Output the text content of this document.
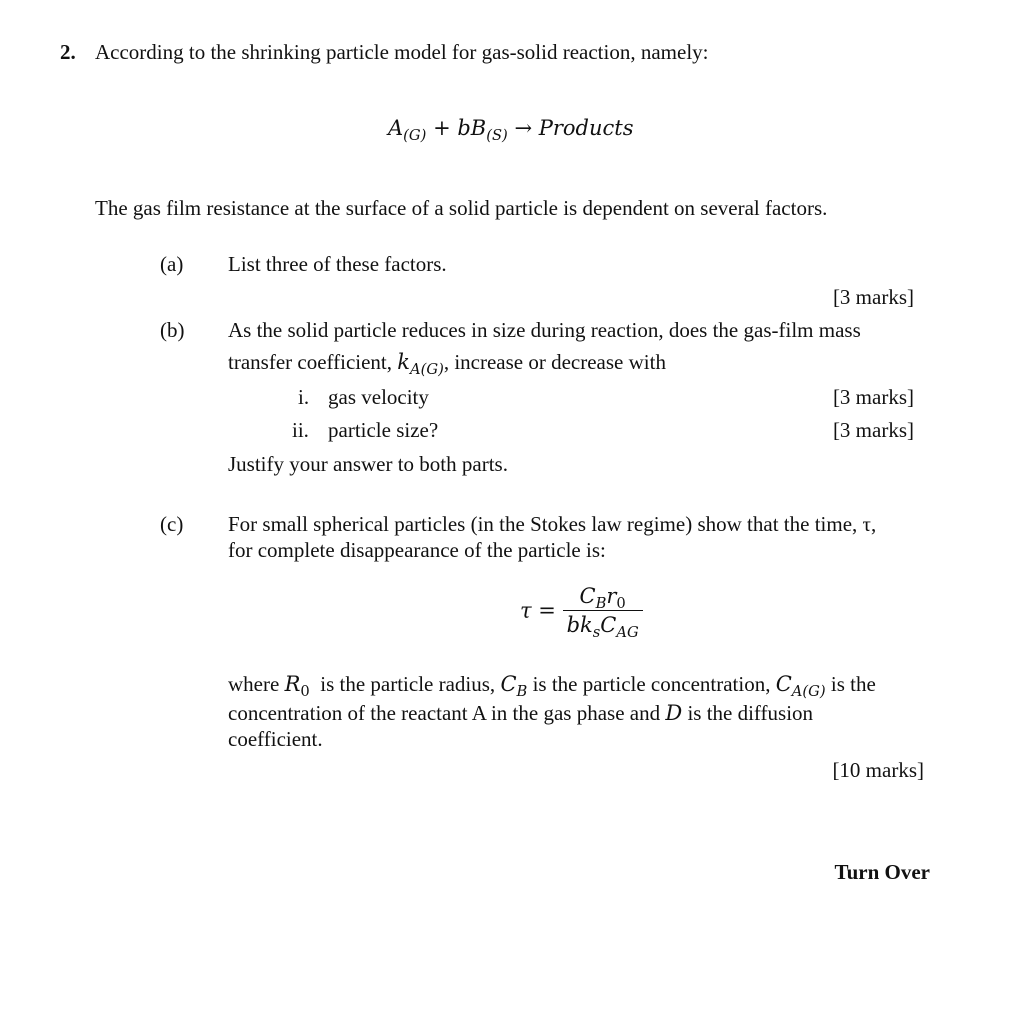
2. According to the shrinking particle model for gas-solid reaction, namely:
$A_{(G)} + bB_{(S)}$ → Products
The gas film resistance at the surface of a solid particle is dependent on several factors.
(a) List three of these factors.
[3 marks]
(b) As the solid particle reduces in size during reaction, does the gas-film mass
transfer coefficient, $k_{A(G)}$, increase or decrease with
i. gas velocity	[3 marks]
ii. particle size?	[3 marks]
Justify your answer to both parts.
(c) For small spherical particles (in the Stokes law regime) show that the time, τ,
for complete disappearance of the particle is:
$\tau = \frac{C_Br_0}{bk_sC_{AG}}$
where $R_0$  is the particle radius, $C_B$ is the particle concentration, $C_{A(G)}$ is the
concentration of the reactant A in the gas phase and D is the diffusion
coefficient.
[10 marks]
Turn Over
